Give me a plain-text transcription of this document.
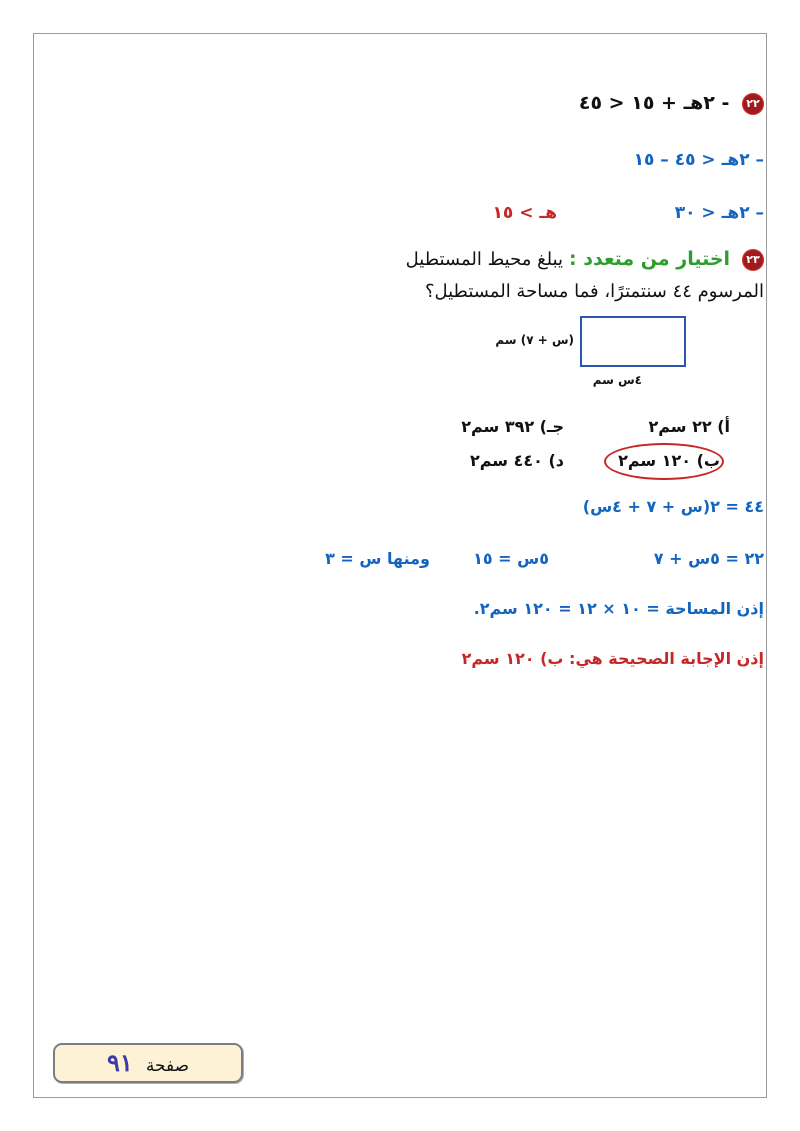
٢٢ - ٢هـ + ١٥ < ٤٥
– ٢هـ < ٤٥ – ١٥
– ٢هـ < ٣٠
هـ > ١٥
٢٣ اختيار من متعدد : يبلغ محيط المستطيل
المرسوم ٤٤ سنتمترًا، فما مساحة المستطيل؟
(س + ٧) سم
٤س سم
أ) ٢٢ سم٢
جـ) ٣٩٢ سم٢
ب) ١٢٠ سم٢
د) ٤٤٠ سم٢
٤٤ = ٢(س + ٧ + ٤س)
٢٢ = ٥س + ٧
٥س = ١٥
ومنها س = ٣
إذن المساحة = ١٠ × ١٢ = ١٢٠ سم٢.
إذن الإجابة الصحيحة هي: ب) ١٢٠ سم٢
صفحة ٩١
